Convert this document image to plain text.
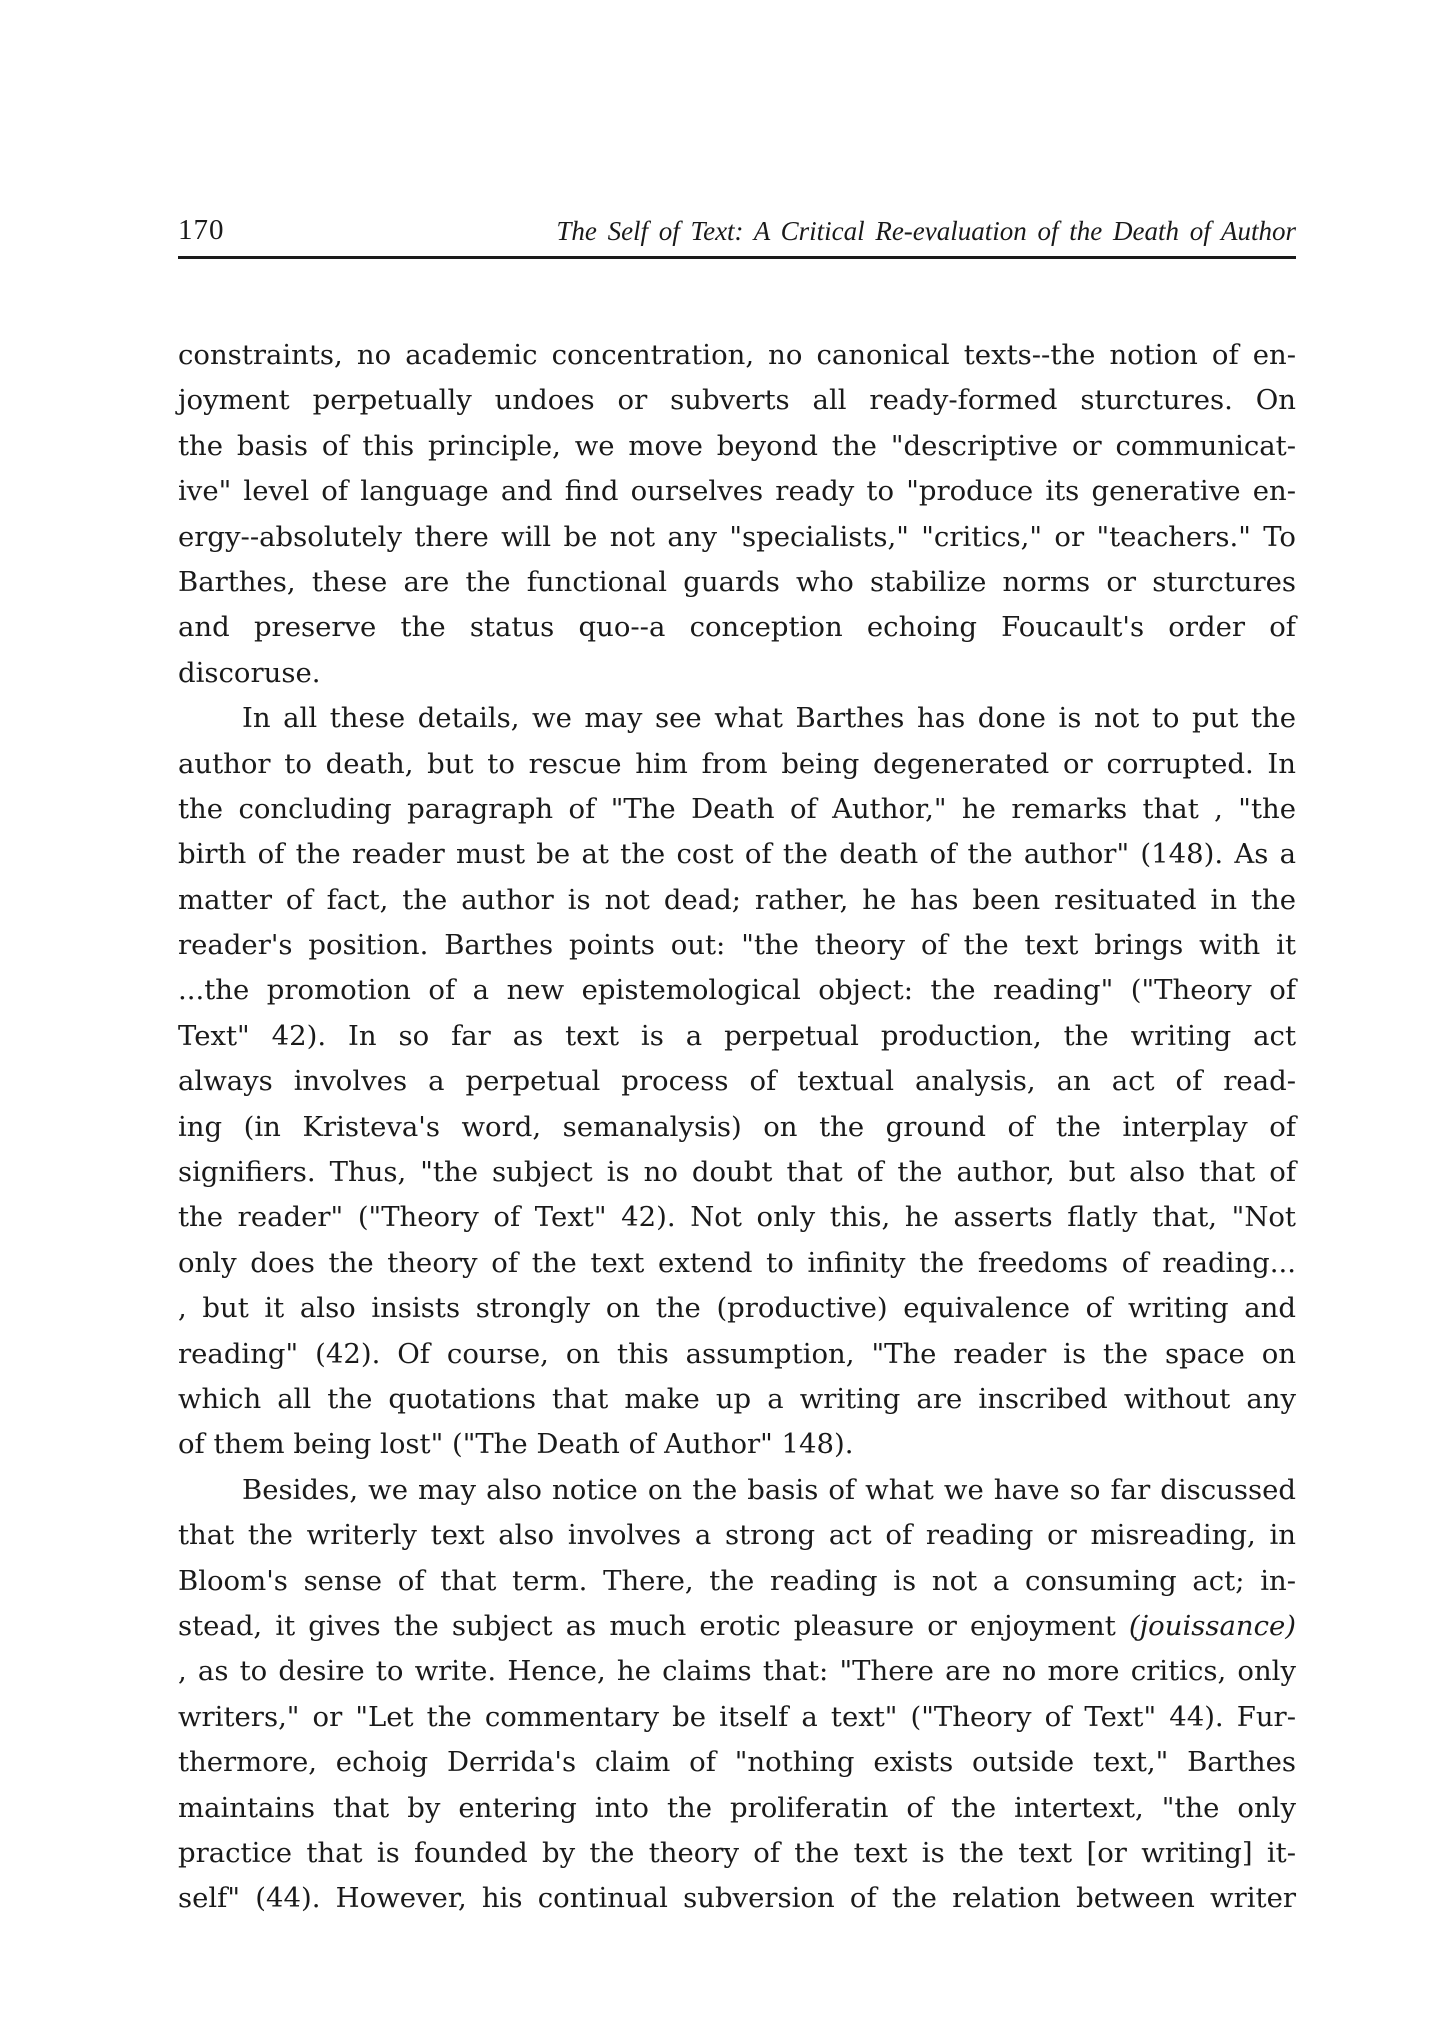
170	The Self of Text: A Critical Re-evaluation of the Death of Author
constraints, no academic concentration, no canonical texts--the notion of en-
joyment perpetually undoes or subverts all ready-formed sturctures. On
the basis of this principle, we move beyond the "descriptive or communicat-
ive" level of language and find ourselves ready to "produce its generative en-
ergy--absolutely there will be not any "specialists," "critics," or "teachers." To
Barthes, these are the functional guards who stabilize norms or sturctures
and preserve the status quo--a conception echoing Foucault's order of
discoruse.
In all these details, we may see what Barthes has done is not to put the
author to death, but to rescue him from being degenerated or corrupted. In
the concluding paragraph of "The Death of Author," he remarks that , "the
birth of the reader must be at the cost of the death of the author" (148). As a
matter of fact, the author is not dead; rather, he has been resituated in the
reader's position. Barthes points out: "the theory of the text brings with it
...the promotion of a new epistemological object: the reading" ("Theory of
Text" 42). In so far as text is a perpetual production, the writing act
always involves a perpetual process of textual analysis, an act of read-
ing (in Kristeva's word, semanalysis) on the ground of the interplay of
signifiers. Thus, "the subject is no doubt that of the author, but also that of
the reader" ("Theory of Text" 42). Not only this, he asserts flatly that, "Not
only does the theory of the text extend to infinity the freedoms of reading...
, but it also insists strongly on the (productive) equivalence of writing and
reading" (42). Of course, on this assumption, "The reader is the space on
which all the quotations that make up a writing are inscribed without any
of them being lost" ("The Death of Author" 148).
Besides, we may also notice on the basis of what we have so far discussed
that the writerly text also involves a strong act of reading or misreading, in
Bloom's sense of that term. There, the reading is not a consuming act; in-
stead, it gives the subject as much erotic pleasure or enjoyment (jouissance)
, as to desire to write. Hence, he claims that: "There are no more critics, only
writers," or "Let the commentary be itself a text" ("Theory of Text" 44). Fur-
thermore, echoig Derrida's claim of "nothing exists outside text," Barthes
maintains that by entering into the proliferatin of the intertext, "the only
practice that is founded by the theory of the text is the text [or writing] it-
self" (44). However, his continual subversion of the relation between writer
